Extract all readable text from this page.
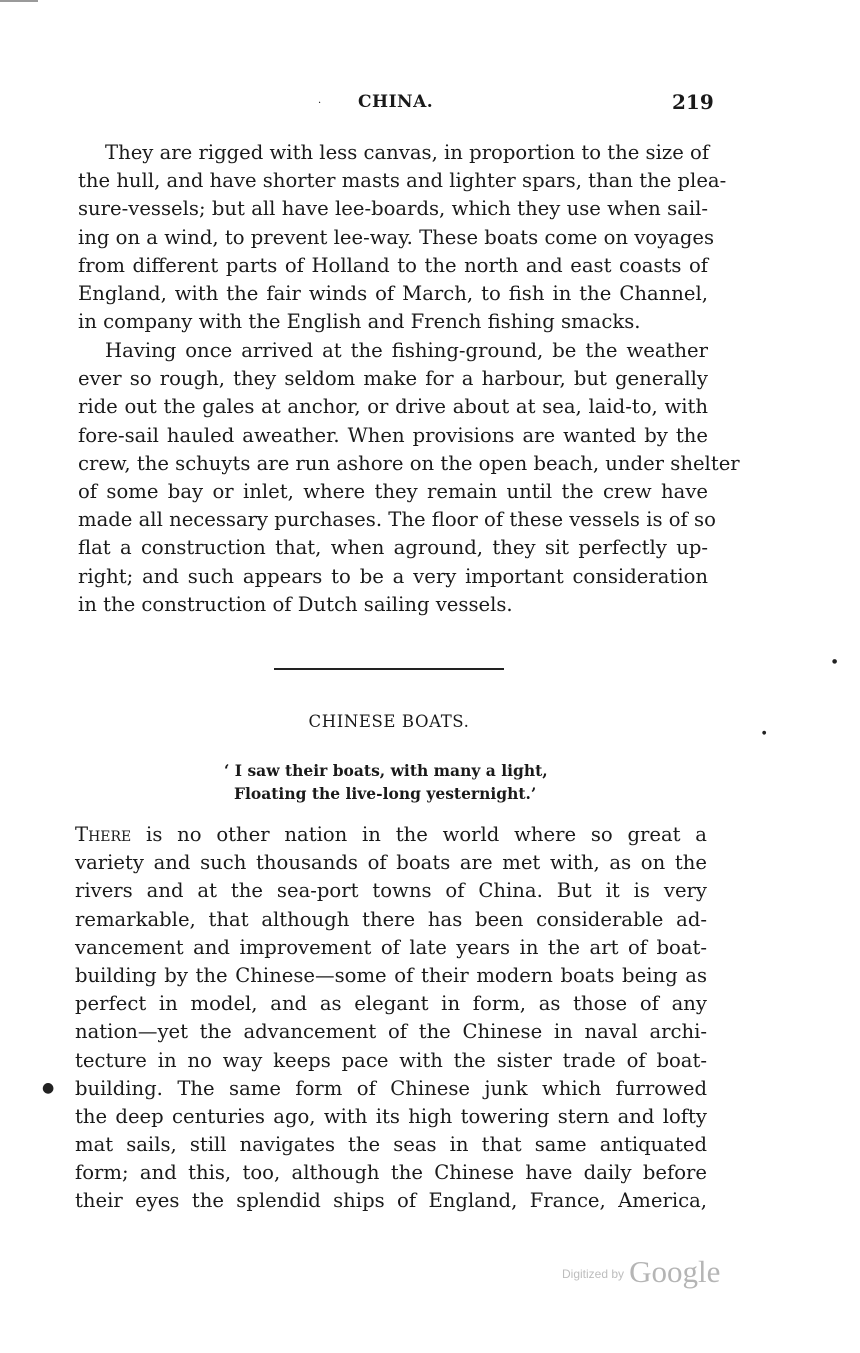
· CHINA.	219
They are rigged with less canvas, in proportion to the size of
the hull, and have shorter masts and lighter spars, than the plea-
sure-vessels; but all have lee-boards, which they use when sail-
ing on a wind, to prevent lee-way. These boats come on voyages
from different parts of Holland to the north and east coasts of
England, with the fair winds of March, to fish in the Channel,
in company with the English and French fishing smacks.
Having once arrived at the fishing-ground, be the weather
ever so rough, they seldom make for a harbour, but generally
ride out the gales at anchor, or drive about at sea, laid-to, with
fore-sail hauled aweather. When provisions are wanted by the
crew, the schuyts are run ashore on the open beach, under shelter
of some bay or inlet, where they remain until the crew have
made all necessary purchases. The floor of these vessels is of so
flat a construction that, when aground, they sit perfectly up-
right; and such appears to be a very important consideration
in the construction of Dutch sailing vessels.
CHINESE BOATS.
‘ I saw their boats, with many a light,
Floating the live-long yesternight.’
There is no other nation in the world where so great a
variety and such thousands of boats are met with, as on the
rivers and at the sea-port towns of China. But it is very
remarkable, that although there has been considerable ad-
vancement and improvement of late years in the art of boat-
building by the Chinese—some of their modern boats being as
perfect in model, and as elegant in form, as those of any
nation—yet the advancement of the Chinese in naval archi-
tecture in no way keeps pace with the sister trade of boat-
building. The same form of Chinese junk which furrowed
the deep centuries ago, with its high towering stern and lofty
mat sails, still navigates the seas in that same antiquated
form; and this, too, although the Chinese have daily before
their eyes the splendid ships of England, France, America,
●
●
●
$^{Digitized by}$ Google
